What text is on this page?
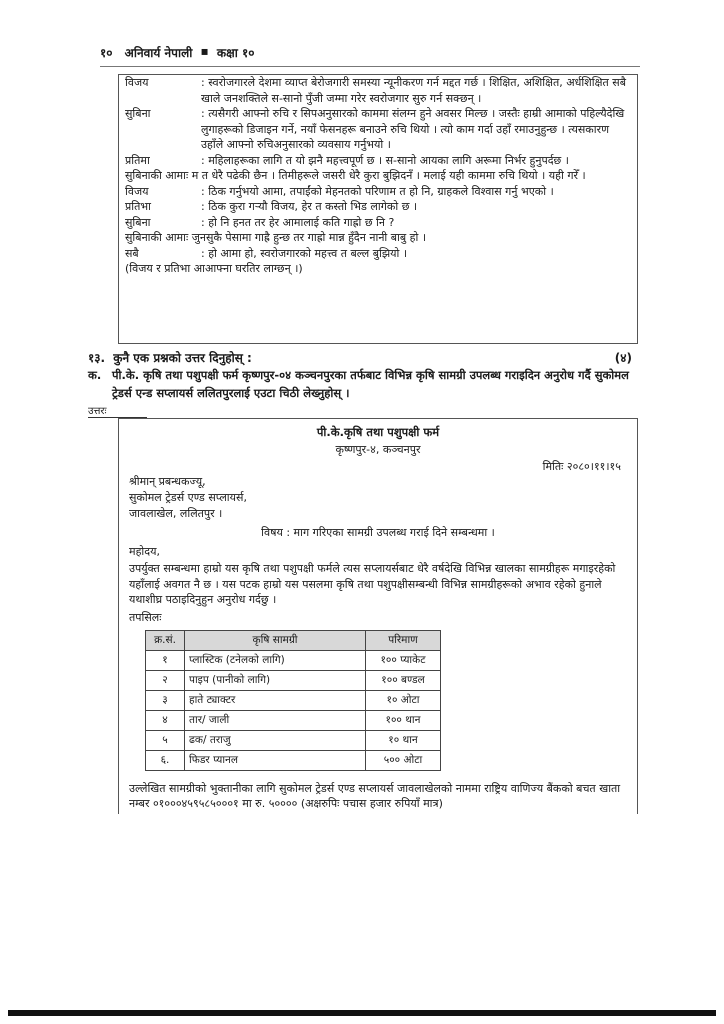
१० अनिवार्य नेपाली ▪ कक्षा १०
विजय	: स्वरोजगारले देशमा व्याप्त बेरोजगारी समस्या न्यूनीकरण गर्न मद्दत गर्छ । शिक्षित, अशिक्षित, अर्धशिक्षित सबै खाले जनशक्तिले स-सानो पुँजी जम्मा गरेर स्वरोजगार सुरु गर्न सक्छन् ।
सुबिना	: त्यसैगरी आफ्नो रुचि र सिपअनुसारको काममा संलग्न हुने अवसर मिल्छ । जस्तैः हाम्री आमाको पहिल्यैदेखि लुगाहरूको डिजाइन गर्ने, नयाँ फेसनहरू बनाउने रुचि थियो । त्यो काम गर्दा उहाँ रमाउनुहुन्छ । त्यसकारण उहाँले आफ्नो रुचिअनुसारको व्यवसाय गर्नुभयो ।
प्रतिमा	: महिलाहरूका लागि त यो झनै महत्त्वपूर्ण छ । स-सानो आयका लागि अरूमा निर्भर हुनुपर्दछ ।
सुबिनाकी आमाः म त धेरै पढेकी छैन । तिमीहरूले जसरी धेरै कुरा बुझिदनँ । मलाई यही काममा रुचि थियो । यही गरेँ ।
विजय	: ठिक गर्नुभयो आमा, तपाईंको मेहनतको परिणाम त हो नि, ग्राहकले विश्वास गर्नु भएको ।
प्रतिभा	: ठिक कुरा गऱ्यौ विजय, हेर त कस्तो भिड लागेको छ ।
सुबिना	: हो नि हनत तर हेर आमालाई कति गाह्रो छ नि ?
सुबिनाकी आमाः जुनसुकै पेसामा गाह्रै हुन्छ तर गाह्रो मान्न हुँदैन नानी बाबु हो ।
सबै	: हो आमा हो, स्वरोजगारको महत्त्व त बल्ल बुझियो ।
(विजय र प्रतिभा आआफ्ना घरतिर लाग्छन् ।)
१३. कुनै एक प्रश्नको उत्तर दिनुहोस् :	(४)
क. पी.के. कृषि तथा पशुपक्षी फर्म कृष्णपुर-०४ कञ्चनपुरका तर्फबाट विभिन्न कृषि सामग्री उपलब्ध गराइदिन अनुरोध गर्दै सुकोमल ट्रेडर्स एन्ड सप्लायर्स ललितपुरलाई एउटा चिठी लेख्नुहोस् ।
उत्तरः
पी.के.कृषि तथा पशुपक्षी फर्म
कृष्णपुर-४, कञ्चनपुर
मितिः २०८०।११।१५
श्रीमान् प्रबन्धकज्यू,
सुकोमल ट्रेडर्स एण्ड सप्लायर्स,
जावलाखेल, ललितपुर ।
विषय : माग गरिएका सामग्री उपलब्ध गराई दिने सम्बन्धमा ।
महोदय,
उपर्युक्त सम्बन्धमा हाम्रो यस कृषि तथा पशुपक्षी फर्मले त्यस सप्लायर्सबाट धेरै वर्षदेखि विभिन्न खालका सामग्रीहरू मगाइरहेको यहाँलाई अवगत नै छ । यस पटक हाम्रो यस पसलमा कृषि तथा पशुपक्षीसम्बन्धी विभिन्न सामग्रीहरूको अभाव रहेको हुनाले यथाशीघ्र पठाइदिनुहुन अनुरोध गर्दछु ।
तपसिलः
क्र.सं.	कृषि सामग्री	परिमाण
१	प्लास्टिक (टनेलको लागि)	१०० प्याकेट
२	पाइप (पानीको लागि)	१०० बण्डल
३	हाते ट्याक्टर	१० ओटा
४	तार/ जाली	१०० थान
५	ढक/ तराजु	१० थान
६.	फिडर प्यानल	५०० ओटा
उल्लेखित सामग्रीको भुक्तानीका लागि सुकोमल ट्रेडर्स एण्ड सप्लायर्स जावलाखेलको नाममा राष्ट्रिय वाणिज्य बैंकको बचत खाता नम्बर ०१०००४५९५८५०००१ मा रु. ५०००० (अक्षरुपिः पचास हजार रुपियाँ मात्र)
